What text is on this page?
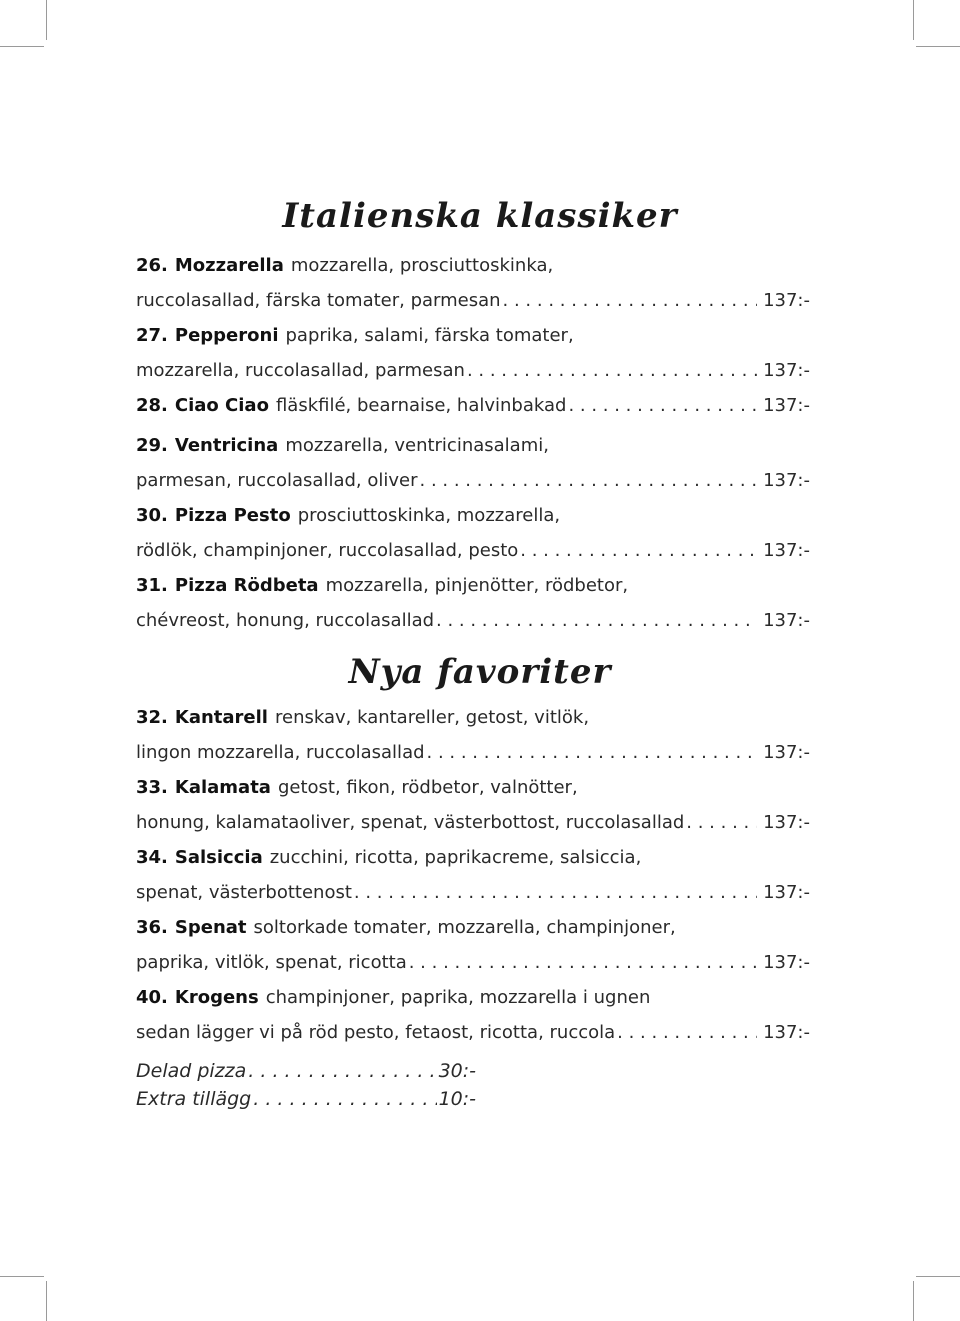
Italienska klassiker
26. Mozzarella mozzarella, prosciuttoskinka,
ruccolasallad, färska tomater, parmesan . . .	137:-
27. Pepperoni paprika, salami, färska tomater,
mozzarella, ruccolasallad, parmesan . . .	137:-
28. Ciao Ciao fläskfilé, bearnaise, halvinbakad . . .	137:-
29. Ventricina mozzarella, ventricinasalami,
parmesan, ruccolasallad, oliver . . .	137:-
30. Pizza Pesto prosciuttoskinka, mozzarella,
rödlök, champinjoner, ruccolasallad, pesto . . .	137:-
31. Pizza Rödbeta mozzarella, pinjenötter, rödbetor,
chévreost, honung, ruccolasallad . . .	137:-
Nya favoriter
32. Kantarell renskav, kantareller, getost, vitlök,
lingon mozzarella, ruccolasallad . . .	137:-
33. Kalamata getost, fikon, rödbetor, valnötter,
honung, kalamataoliver, spenat, västerbottost, ruccolasallad . . .	137:-
34. Salsiccia zucchini, ricotta, paprikacreme, salsiccia,
spenat, västerbottenost . . .	137:-
36. Spenat soltorkade tomater, mozzarella, champinjoner,
paprika, vitlök, spenat, ricotta . . .	137:-
40. Krogens champinjoner, paprika, mozzarella i ugnen
sedan lägger vi på röd pesto, fetaost, ricotta, ruccola . . .	137:-
Delad pizza . . .	30:-
Extra tillägg . . .	10:-
